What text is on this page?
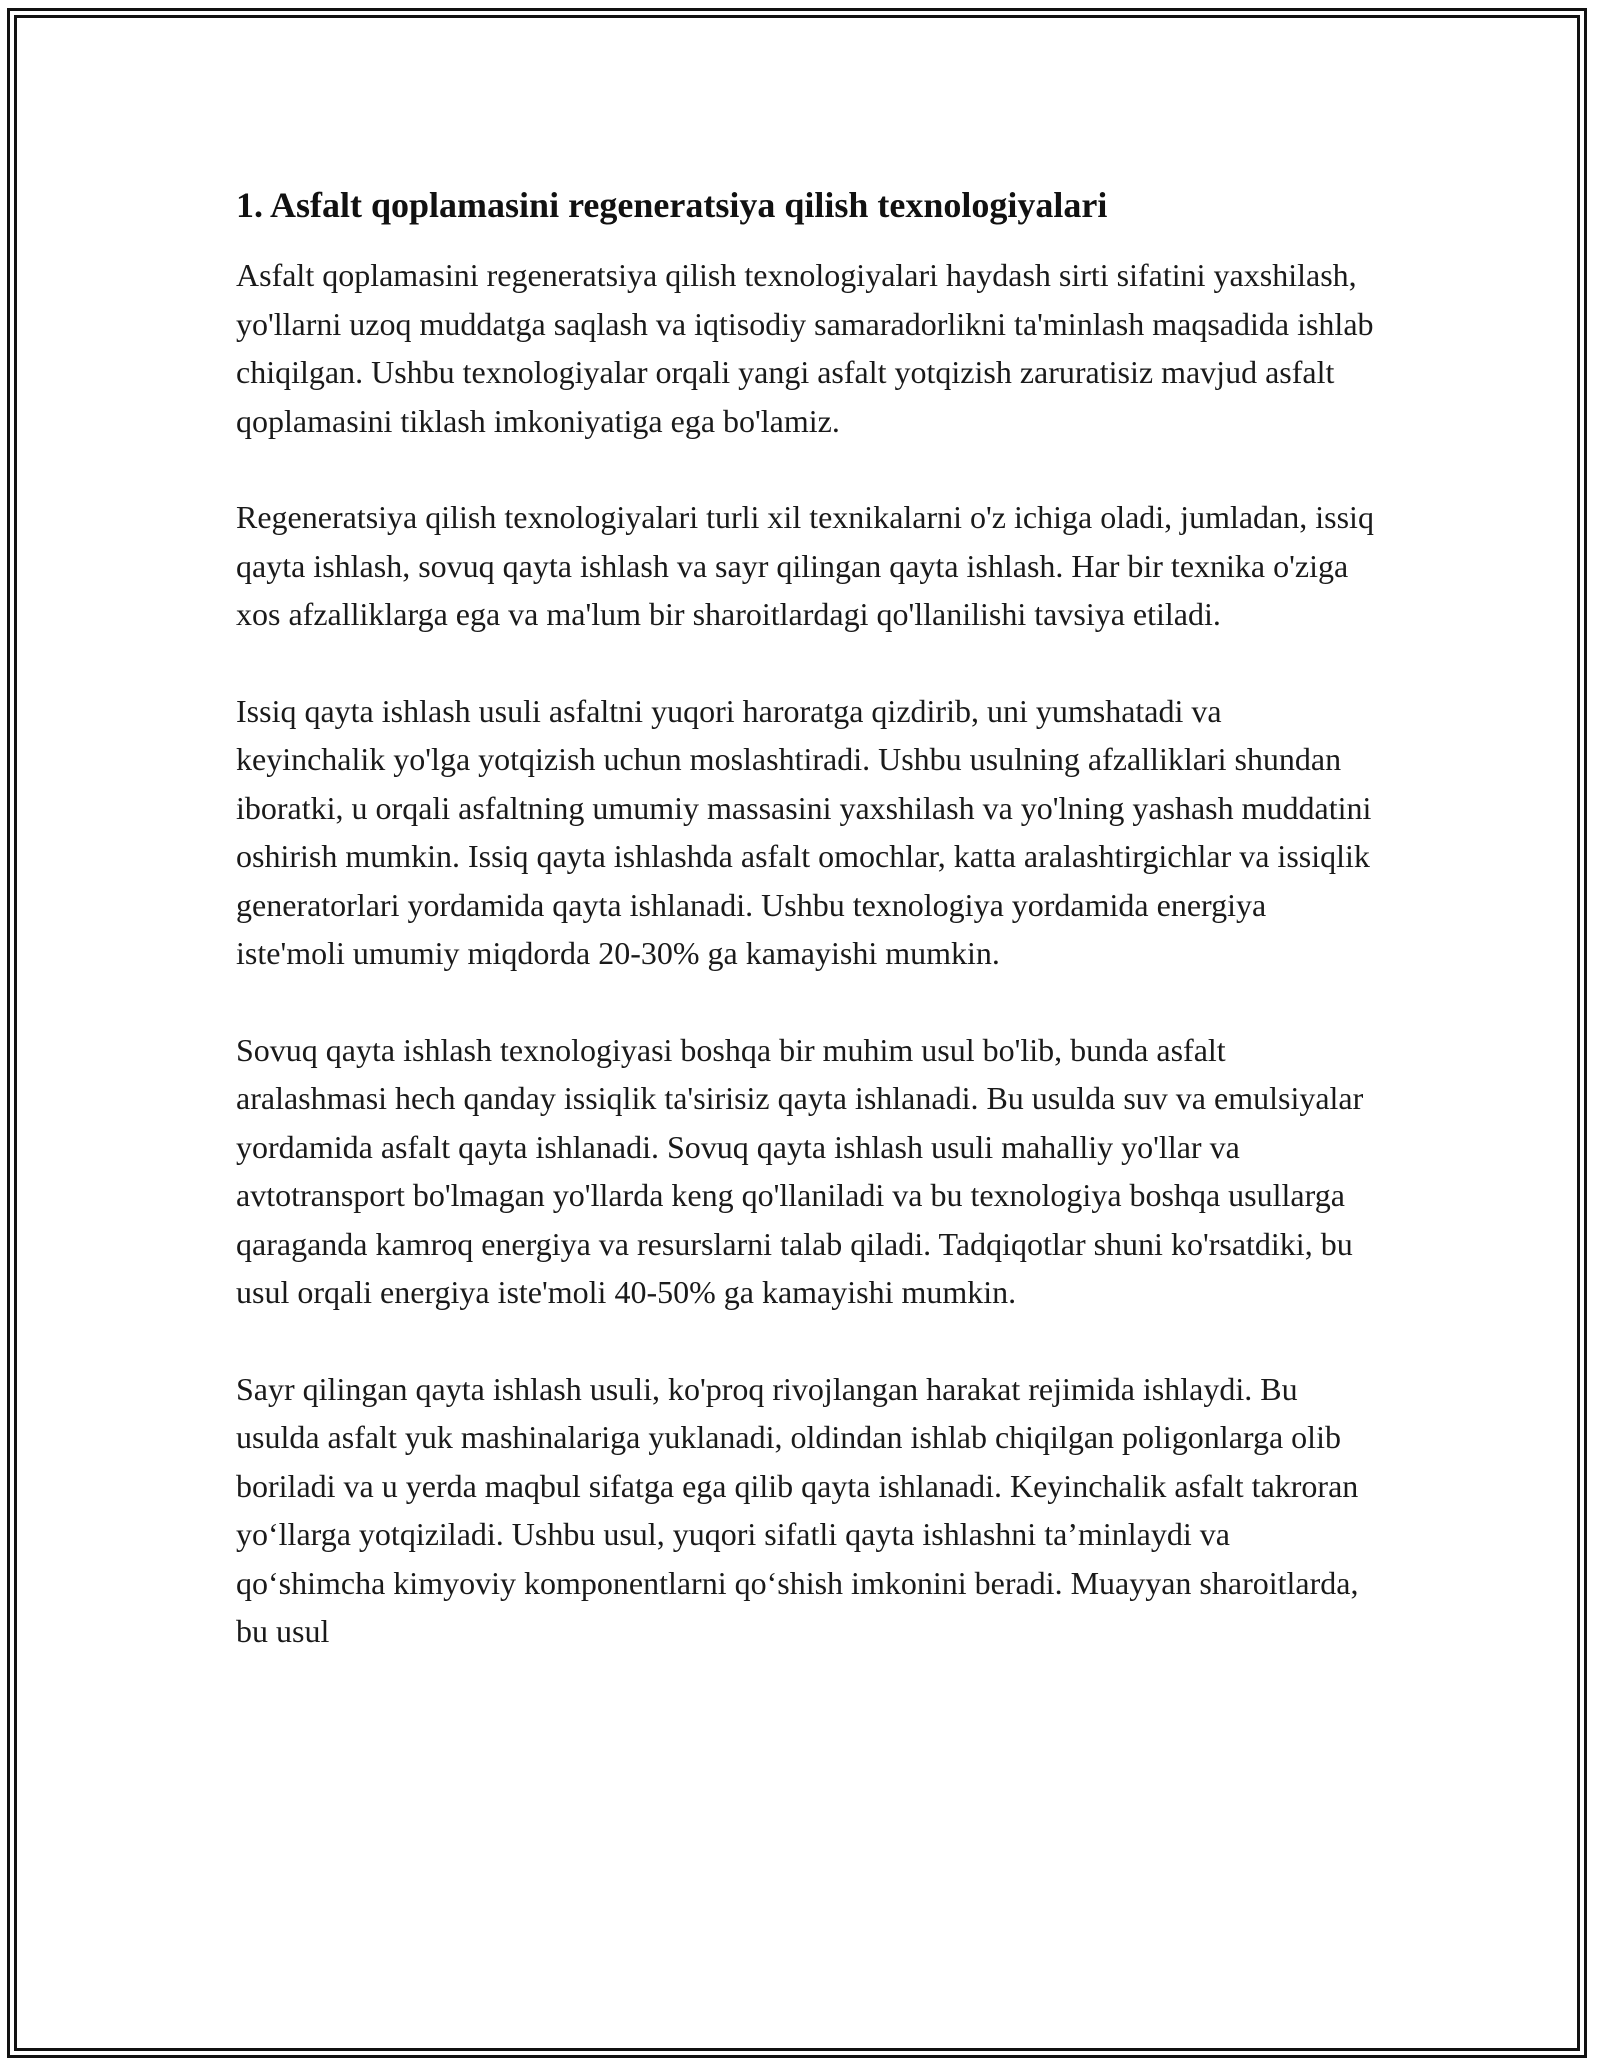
1. Asfalt qoplamasini regeneratsiya qilish texnologiyalari

Asfalt qoplamasini regeneratsiya qilish texnologiyalari haydash sirti sifatini yaxshilash, yo'llarni uzoq muddatga saqlash va iqtisodiy samaradorlikni ta'minlash maqsadida ishlab chiqilgan. Ushbu texnologiyalar orqali yangi asfalt yotqizish zaruratisiz mavjud asfalt qoplamasini tiklash imkoniyatiga ega bo'lamiz.

Regeneratsiya qilish texnologiyalari turli xil texnikalarni o'z ichiga oladi, jumladan, issiq qayta ishlash, sovuq qayta ishlash va sayr qilingan qayta ishlash. Har bir texnika o'ziga xos afzalliklarga ega va ma'lum bir sharoitlardagi qo'llanilishi tavsiya etiladi.

Issiq qayta ishlash usuli asfaltni yuqori haroratga qizdirib, uni yumshatadi va keyinchalik yo'lga yotqizish uchun moslashtiradi. Ushbu usulning afzalliklari shundan iboratki, u orqali asfaltning umumiy massasini yaxshilash va yo'lning yashash muddatini oshirish mumkin. Issiq qayta ishlashda asfalt omochlar, katta aralashtirgichlar va issiqlik generatorlari yordamida qayta ishlanadi. Ushbu texnologiya yordamida energiya iste'moli umumiy miqdorda 20-30% ga kamayishi mumkin.

Sovuq qayta ishlash texnologiyasi boshqa bir muhim usul bo'lib, bunda asfalt aralashmasi hech qanday issiqlik ta'sirisiz qayta ishlanadi. Bu usulda suv va emulsiyalar yordamida asfalt qayta ishlanadi. Sovuq qayta ishlash usuli mahalliy yo'llar va avtotransport bo'lmagan yo'llarda keng qo'llaniladi va bu texnologiya boshqa usullarga qaraganda kamroq energiya va resurslarni talab qiladi. Tadqiqotlar shuni ko'rsatdiki, bu usul orqali energiya iste'moli 40-50% ga kamayishi mumkin.

Sayr qilingan qayta ishlash usuli, ko'proq rivojlangan harakat rejimida ishlaydi. Bu usulda asfalt yuk mashinalariga yuklanadi, oldindan ishlab chiqilgan poligonlarga olib boriladi va u yerda maqbul sifatga ega qilib qayta ishlanadi. Keyinchalik asfalt takroran yo‘llarga yotqiziladi. Ushbu usul, yuqori sifatli qayta ishlashni ta’minlaydi va qo‘shimcha kimyoviy komponentlarni qo‘shish imkonini beradi. Muayyan sharoitlarda, bu usul
